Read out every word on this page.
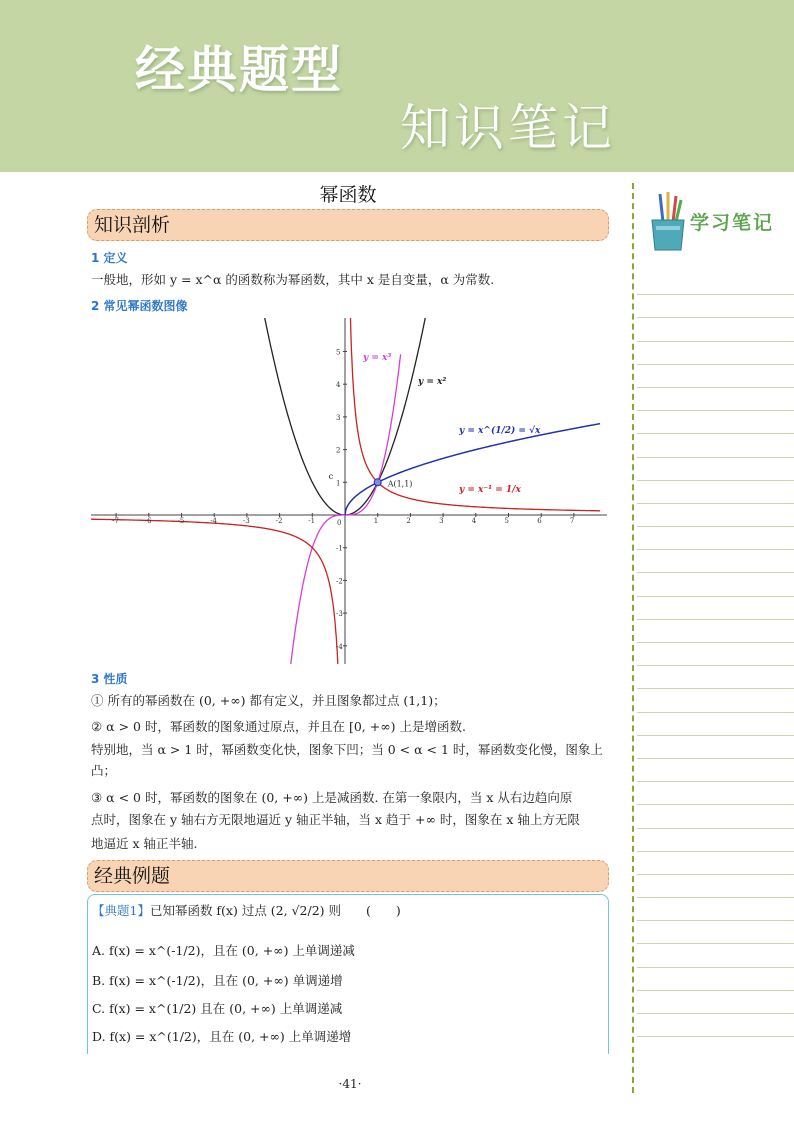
经典题型
知识笔记
幂函数
知识剖析
1 定义
一般地，形如 y = x^α 的函数称为幂函数，其中 x 是自变量，α 为常数.
2 常见幂函数图像
-7	-6	-5	-4	-3	-2	-1	0	1	2	3	4	5	6	7
5
4
3
2
1
-1
-2
-3
-4
A(1,1)
c
y = x³
y = x²
y = x^(1/2) = √x
y = x⁻¹ = 1/x
3 性质
① 所有的幂函数在 (0, +∞) 都有定义，并且图象都过点 (1,1)；
② α > 0 时，幂函数的图象通过原点，并且在 [0, +∞) 上是增函数.
特别地，当 α > 1 时，幂函数变化快，图象下凹；当 0 < α < 1 时，幂函数变化慢，图象上
凸；
③ α < 0 时，幂函数的图象在 (0, +∞) 上是减函数. 在第一象限内，当 x 从右边趋向原
点时，图象在 y 轴右方无限地逼近 y 轴正半轴，当 x 趋于 +∞ 时，图象在 x 轴上方无限
地逼近 x 轴正半轴.
经典例题
【典题1】已知幂函数 f(x) 过点 (2, √2/2) 则　　(　　)
A. f(x) = x^(-1/2)，且在 (0, +∞) 上单调递减
B. f(x) = x^(-1/2)，且在 (0, +∞) 单调递增
C. f(x) = x^(1/2) 且在 (0, +∞) 上单调递减
D. f(x) = x^(1/2)，且在 (0, +∞) 上单调递增
·41·
学习笔记
